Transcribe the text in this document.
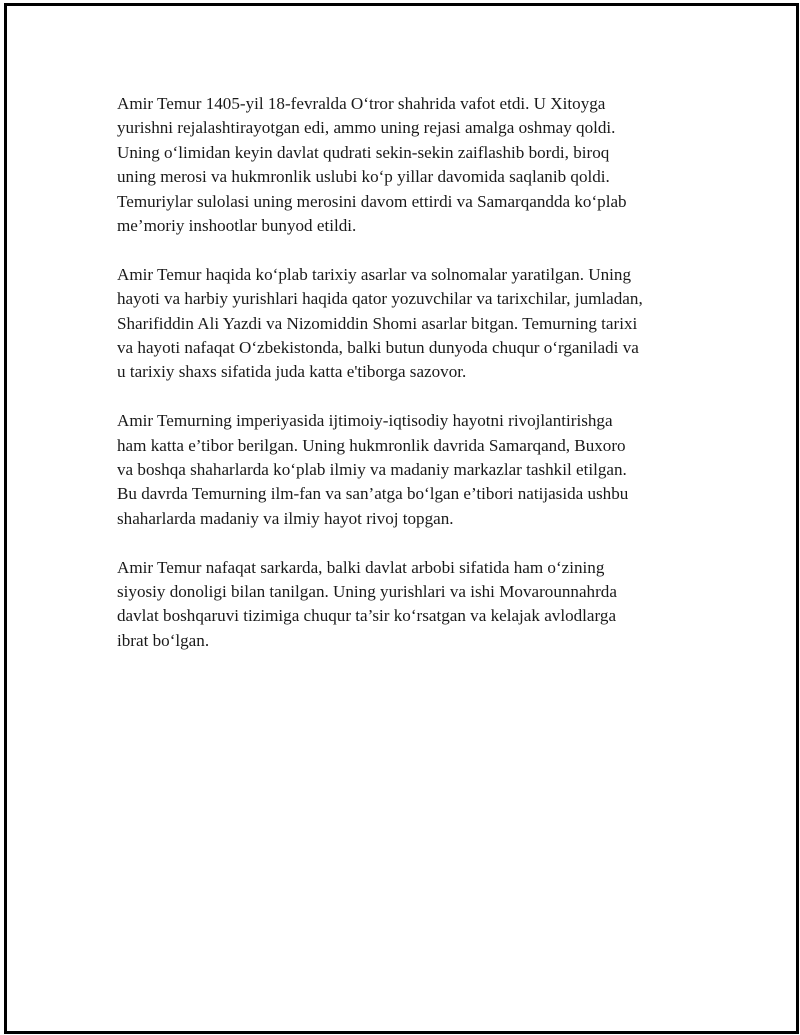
Amir Temur 1405-yil 18-fevralda O‘tror shahrida vafot etdi. U Xitoyga
yurishni rejalashtirayotgan edi, ammo uning rejasi amalga oshmay qoldi.
Uning o‘limidan keyin davlat qudrati sekin-sekin zaiflashib bordi, biroq
uning merosi va hukmronlik uslubi ko‘p yillar davomida saqlanib qoldi.
Temuriylar sulolasi uning merosini davom ettirdi va Samarqandda ko‘plab
me’moriy inshootlar bunyod etildi.

Amir Temur haqida ko‘plab tarixiy asarlar va solnomalar yaratilgan. Uning
hayoti va harbiy yurishlari haqida qator yozuvchilar va tarixchilar, jumladan,
Sharifiddin Ali Yazdi va Nizomiddin Shomi asarlar bitgan. Temurning tarixi
va hayoti nafaqat O‘zbekistonda, balki butun dunyoda chuqur o‘rganiladi va
u tarixiy shaxs sifatida juda katta e'tiborga sazovor.

Amir Temurning imperiyasida ijtimoiy-iqtisodiy hayotni rivojlantirishga
ham katta e’tibor berilgan. Uning hukmronlik davrida Samarqand, Buxoro
va boshqa shaharlarda ko‘plab ilmiy va madaniy markazlar tashkil etilgan.
Bu davrda Temurning ilm-fan va san’atga bo‘lgan e’tibori natijasida ushbu
shaharlarda madaniy va ilmiy hayot rivoj topgan.

Amir Temur nafaqat sarkarda, balki davlat arbobi sifatida ham o‘zining
siyosiy donoligi bilan tanilgan. Uning yurishlari va ishi Movarounnahrda
davlat boshqaruvi tizimiga chuqur ta’sir ko‘rsatgan va kelajak avlodlarga
ibrat bo‘lgan.
